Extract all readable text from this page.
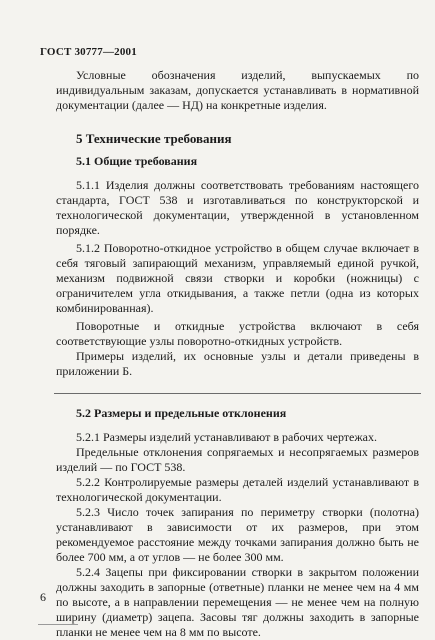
ГОСТ 30777—2001

Условные обозначения изделий, выпускаемых по индивидуальным заказам, допускается устанавливать в нормативной документации (далее — НД) на конкретные изделия.

5 Технические требования
5.1 Общие требования

5.1.1 Изделия должны соответствовать требованиям настоящего стандарта, ГОСТ 538 и изготавливаться по конструкторской и технологической документации, утвержденной в установленном порядке.

5.1.2 Поворотно-откидное устройство в общем случае включает в себя тяговый запирающий механизм, управляемый единой ручкой, механизм подвижной связи створки и коробки (ножницы) с ограничителем угла откидывания, а также петли (одна из которых комбинированная).

Поворотные и откидные устройства включают в себя соответствующие узлы поворотно-откидных устройств.

Примеры изделий, их основные узлы и детали приведены в приложении Б.

5.2 Размеры и предельные отклонения

5.2.1 Размеры изделий устанавливают в рабочих чертежах.

Предельные отклонения сопрягаемых и несопрягаемых размеров изделий — по ГОСТ 538.

5.2.2 Контролируемые размеры деталей изделий устанавливают в технологической документации.

5.2.3 Число точек запирания по периметру створки (полотна) устанавливают в зависимости от их размеров, при этом рекомендуемое расстояние между точками запирания должно быть не более 700 мм, а от углов — не более 300 мм.

5.2.4 Зацепы при фиксировании створки в закрытом положении должны заходить в запорные (ответные) планки не менее чем на 4 мм по высоте, а в направлении перемещения — не менее чем на полную ширину (диаметр) зацепа. Засовы тяг должны заходить в запорные планки не менее чем на 8 мм по высоте.

6
